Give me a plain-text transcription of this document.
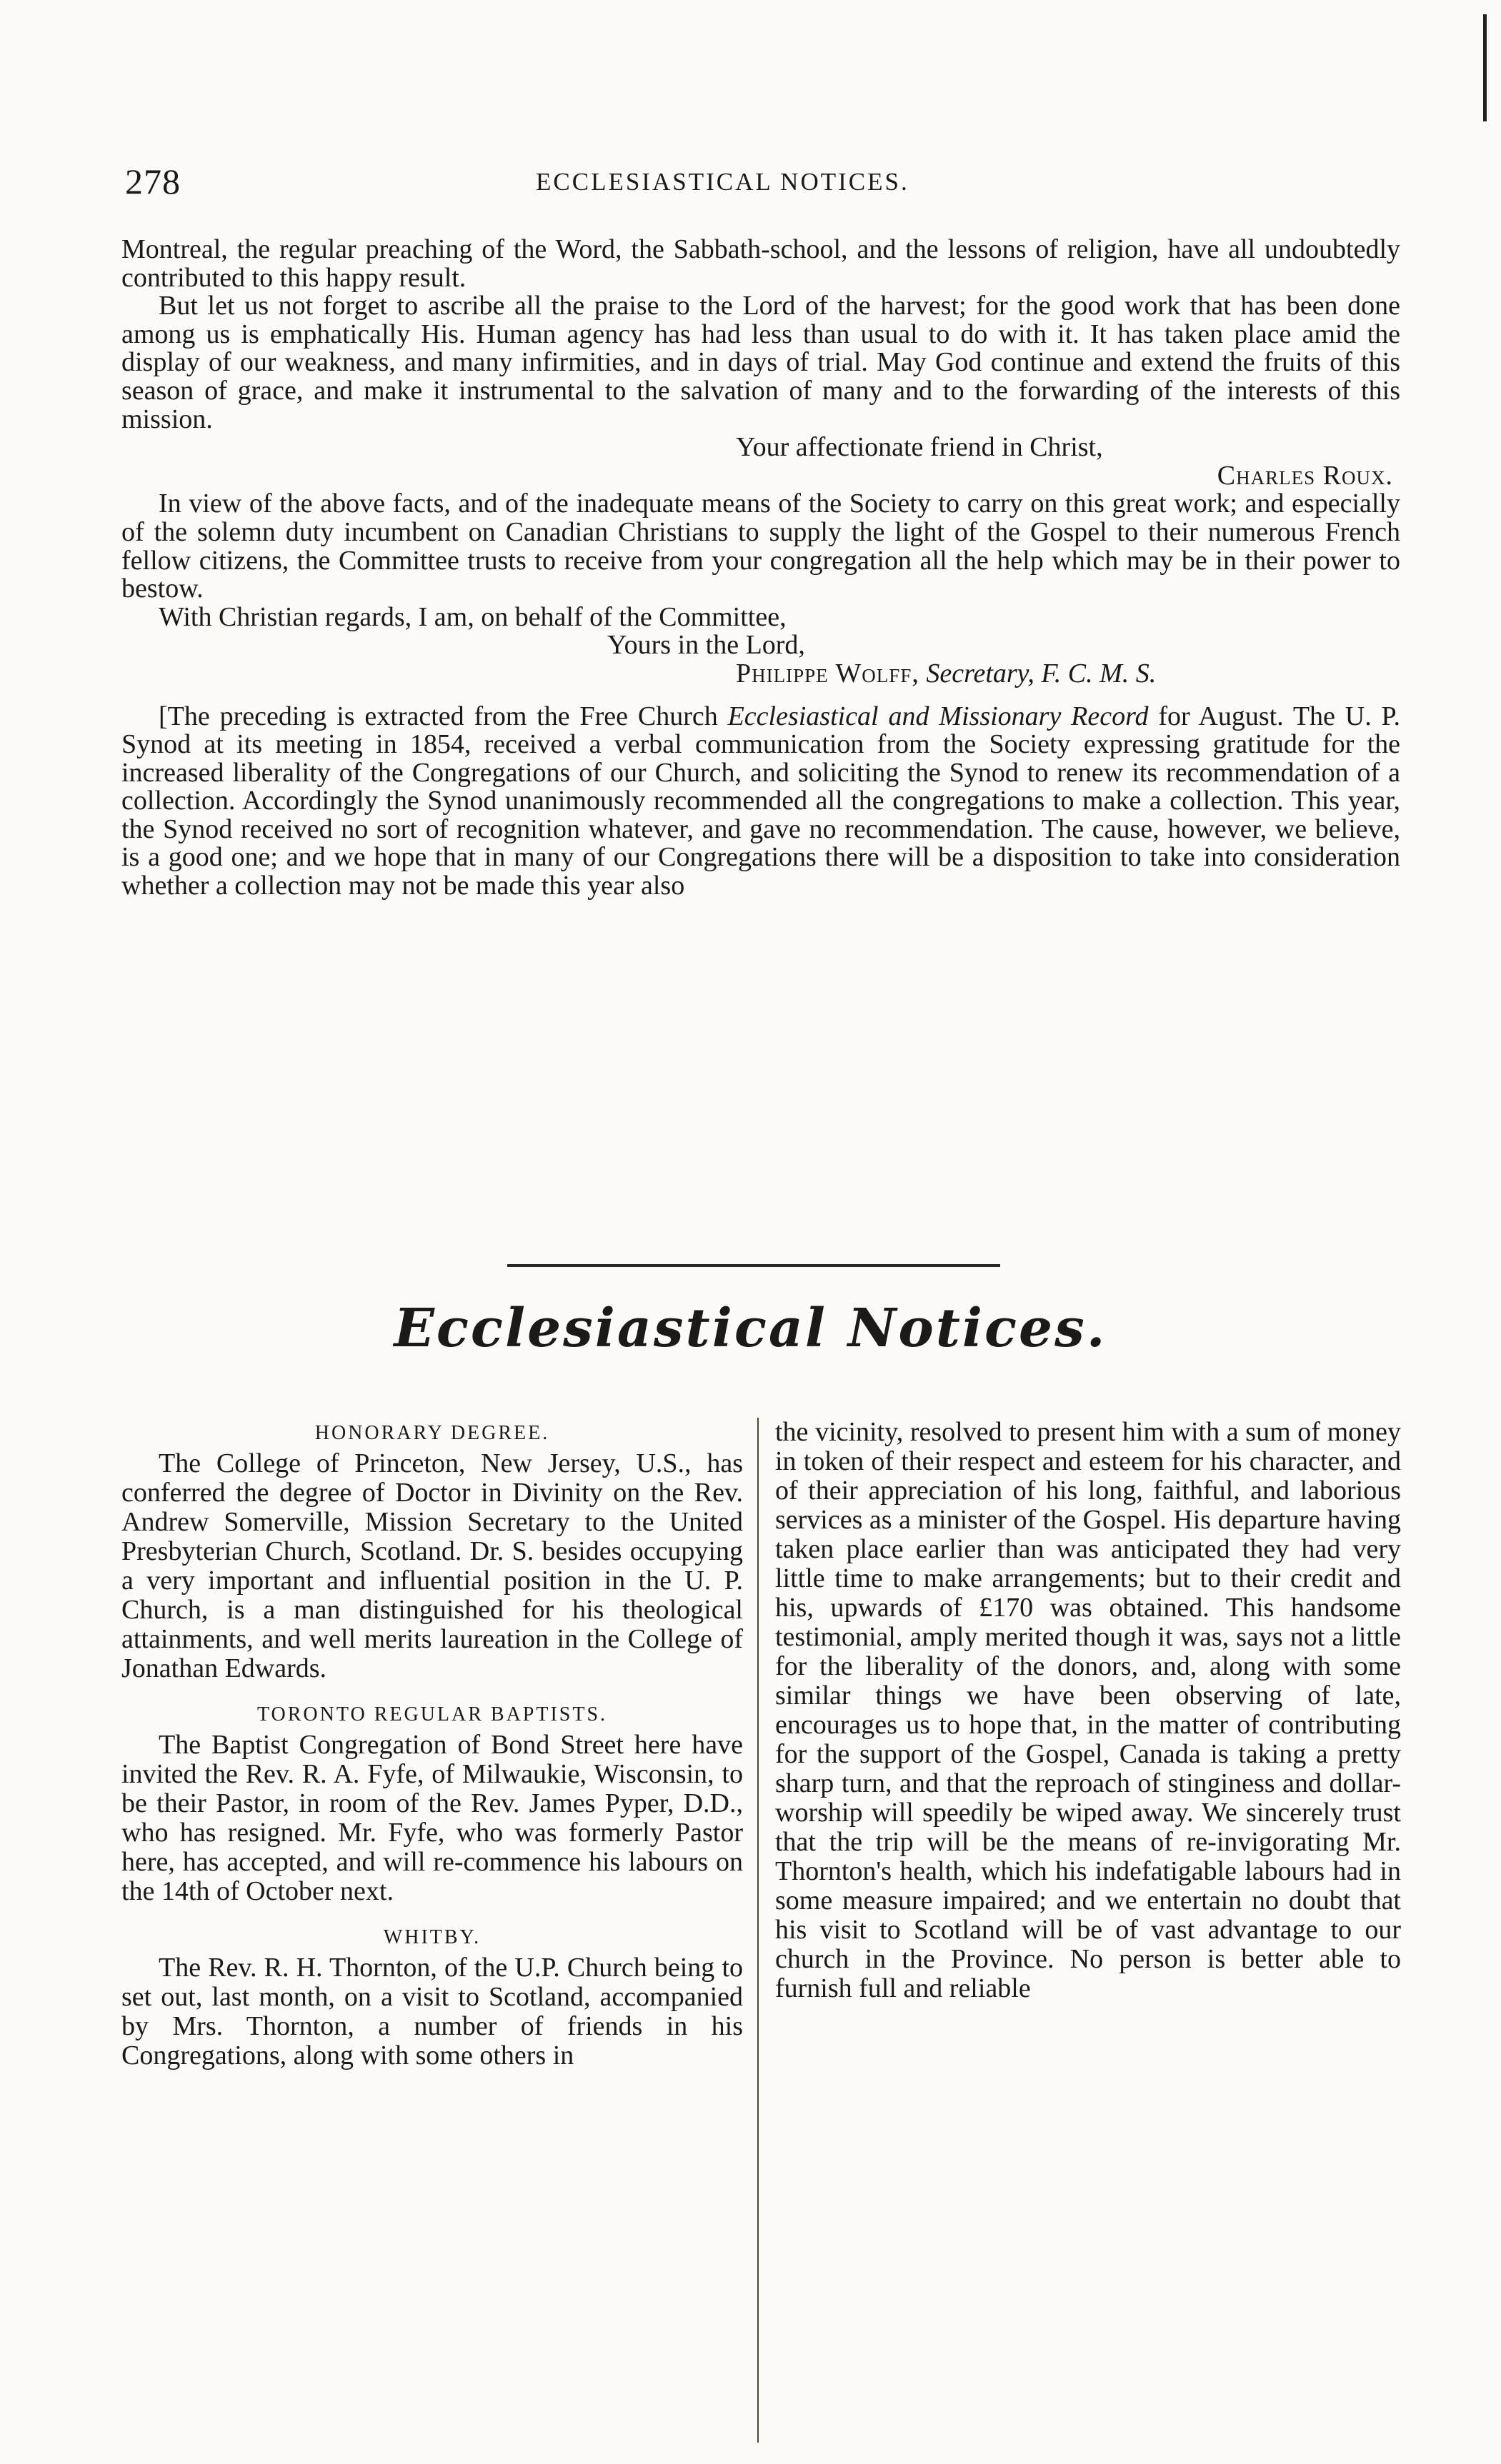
278	ECCLESIASTICAL NOTICES.

Montreal, the regular preaching of the Word, the Sabbath-school, and the lessons of religion, have all undoubtedly contributed to this happy result.

But let us not forget to ascribe all the praise to the Lord of the harvest; for the good work that has been done among us is emphatically His. Human agency has had less than usual to do with it. It has taken place amid the display of our weakness, and many infirmities, and in days of trial. May God continue and extend the fruits of this season of grace, and make it instrumental to the salvation of many and to the forwarding of the interests of this mission.

Your affectionate friend in Christ,

Charles Roux.

In view of the above facts, and of the inadequate means of the Society to carry on this great work; and especially of the solemn duty incumbent on Canadian Christians to supply the light of the Gospel to their numerous French fellow citizens, the Committee trusts to receive from your congregation all the help which may be in their power to bestow.

With Christian regards, I am, on behalf of the Committee,

Yours in the Lord,

Philippe Wolff, Secretary, F. C. M. S.

[The preceding is extracted from the Free Church Ecclesiastical and Missionary Record for August. The U. P. Synod at its meeting in 1854, received a verbal communication from the Society expressing gratitude for the increased liberality of the Congregations of our Church, and soliciting the Synod to renew its recommendation of a collection. Accordingly the Synod unanimously recommended all the congregations to make a collection. This year, the Synod received no sort of recognition whatever, and gave no recommendation. The cause, however, we believe, is a good one; and we hope that in many of our Congregations there will be a disposition to take into consideration whether a collection may not be made this year also

Ecclesiastical Notices.

HONORARY DEGREE.

The College of Princeton, New Jersey, U.S., has conferred the degree of Doctor in Divinity on the Rev. Andrew Somerville, Mission Secretary to the United Presbyterian Church, Scotland. Dr. S. besides occupying a very important and influential position in the U. P. Church, is a man distinguished for his theological attainments, and well merits laureation in the College of Jonathan Edwards.

TORONTO REGULAR BAPTISTS.

The Baptist Congregation of Bond Street here have invited the Rev. R. A. Fyfe, of Milwaukie, Wisconsin, to be their Pastor, in room of the Rev. James Pyper, D.D., who has resigned. Mr. Fyfe, who was formerly Pastor here, has accepted, and will re-commence his labours on the 14th of October next.

WHITBY.

The Rev. R. H. Thornton, of the U.P. Church being to set out, last month, on a visit to Scotland, accompanied by Mrs. Thornton, a number of friends in his Congregations, along with some others in

the vicinity, resolved to present him with a sum of money in token of their respect and esteem for his character, and of their appreciation of his long, faithful, and laborious services as a minister of the Gospel. His departure having taken place earlier than was anticipated they had very little time to make arrangements; but to their credit and his, upwards of £170 was obtained. This handsome testimonial, amply merited though it was, says not a little for the liberality of the donors, and, along with some similar things we have been observing of late, encourages us to hope that, in the matter of contributing for the support of the Gospel, Canada is taking a pretty sharp turn, and that the reproach of stinginess and dollar-worship will speedily be wiped away. We sincerely trust that the trip will be the means of re-invigorating Mr. Thornton's health, which his indefatigable labours had in some measure impaired; and we entertain no doubt that his visit to Scotland will be of vast advantage to our church in the Province. No person is better able to furnish full and reliable
